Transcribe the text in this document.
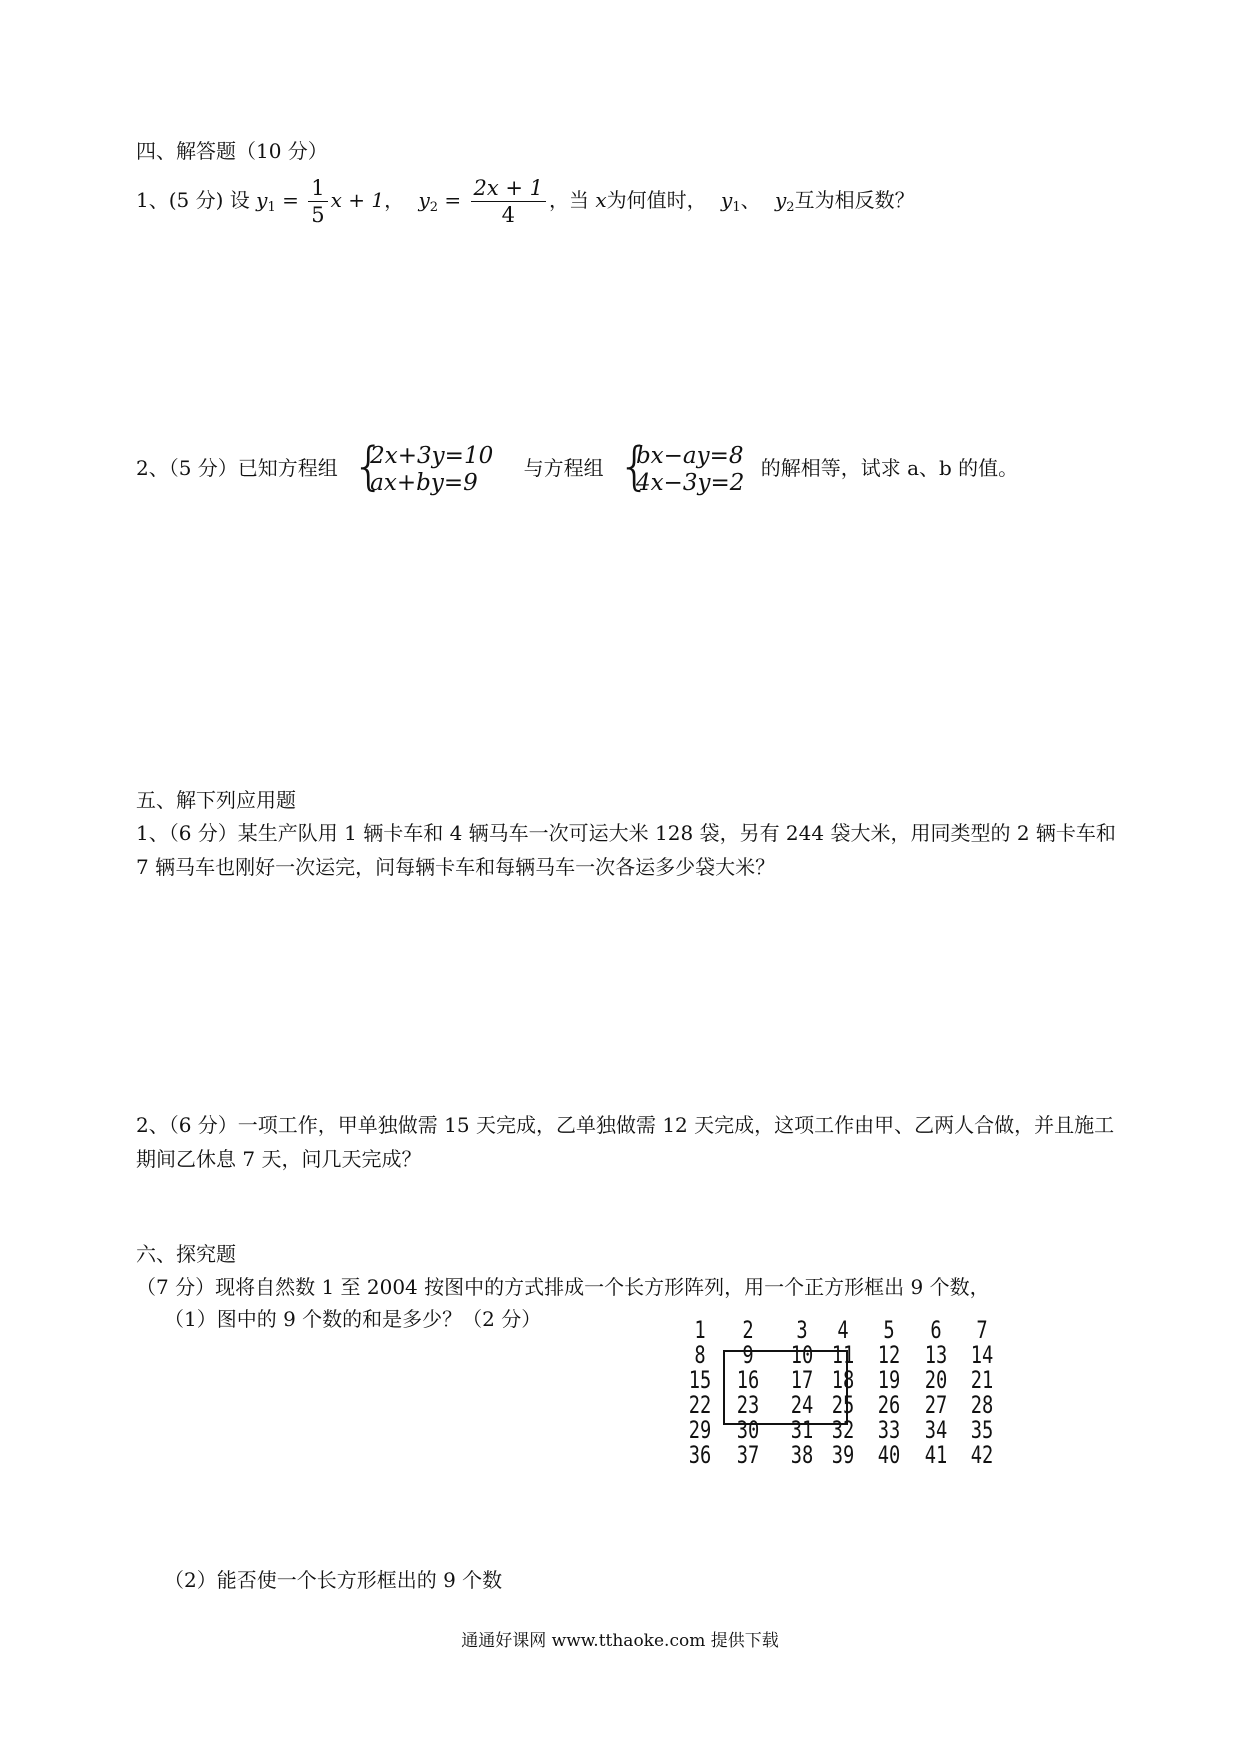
四、解答题（10 分）
1、(5 分) 设 $y_1 = \frac{1}{5}$ x + 1， $y_2 = \frac{2x + 1}{4}$ ，当 x为何值时， $y_1$、 $y_2$互为相反数？
2、（5 分）已知方程组 {
2x+3y=10
ax+by=9
与方程组 {
bx−ay=8
4x−3y=2
的解相等，试求 a、b 的值。
五、解下列应用题
1、（6 分）某生产队用 1 辆卡车和 4 辆马车一次可运大米 128 袋，另有 244 袋大米，用同类型的 2 辆卡车和 7 辆马车也刚好一次运完，问每辆卡车和每辆马车一次各运多少袋大米？
2、（6 分）一项工作，甲单独做需 15 天完成，乙单独做需 12 天完成，这项工作由甲、乙两人合做，并且施工期间乙休息 7 天，问几天完成？
六、探究题
（7 分）现将自然数 1 至 2004 按图中的方式排成一个长方形阵列，用一个正方形框出 9 个数，
（1）图中的 9 个数的和是多少？（2 分）	1	2	3	4	5	6	7
8	9	10 11 12	13 14
15	16	17 18 19	20 21
22	23	24 25 26	27 28
29	30	31 32 33	34 35
36	37	38 39 40	41 42
（2）能否使一个长方形框出的 9 个数
通通好课网 www.tthaoke.com 提供下载
